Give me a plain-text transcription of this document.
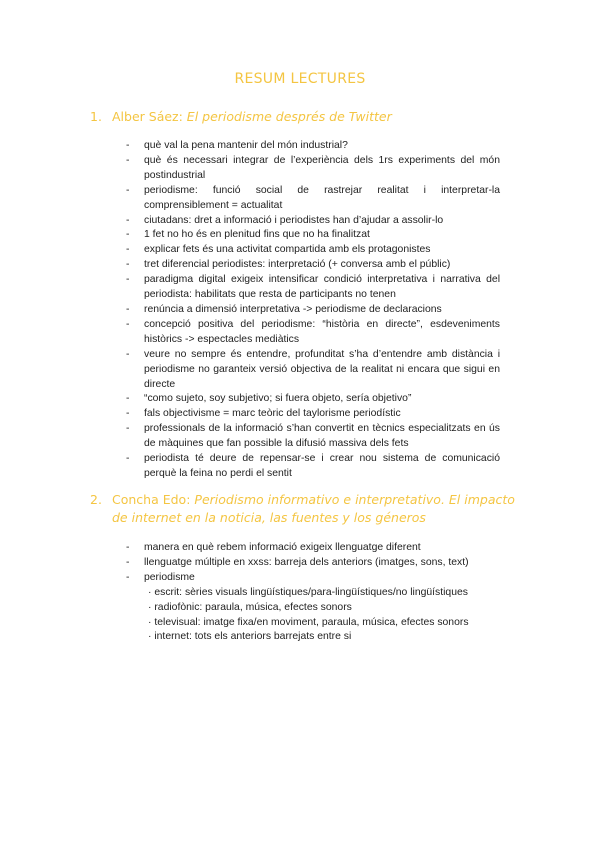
RESUM LECTURES
1. Alber Sáez: El periodisme després de Twitter
- què val la pena mantenir del món industrial?
- què és necessari integrar de l’experiència dels 1rs experiments del món postindustrial
- periodisme: funció social de rastrejar realitat i interpretar-la comprensiblement = actualitat
- ciutadans: dret a informació i periodistes han d’ajudar a assolir-lo
- 1 fet no ho és en plenitud fins que no ha finalitzat
- explicar fets és una activitat compartida amb els protagonistes
- tret diferencial periodistes: interpretació (+ conversa amb el públic)
- paradigma digital exigeix intensificar condició interpretativa i narrativa del periodista: habilitats que resta de participants no tenen
- renúncia a dimensió interpretativa -> periodisme de declaracions
- concepció positiva del periodisme: “història en directe”, esdeveniments històrics -> espectacles mediàtics
- veure no sempre és entendre, profunditat s’ha d’entendre amb distància i periodisme no garanteix versió objectiva de la realitat ni encara que sigui en directe
- “como sujeto, soy subjetivo; si fuera objeto, sería objetivo”
- fals objectivisme = marc teòric del taylorisme periodístic
- professionals de la informació s’han convertit en tècnics especialitzats en ús de màquines que fan possible la difusió massiva dels fets
- periodista té deure de repensar-se i crear nou sistema de comunicació perquè la feina no perdi el sentit
2. Concha Edo: Periodismo informativo e interpretativo. El impacto de internet en la noticia, las fuentes y los géneros
- manera en què rebem informació exigeix llenguatge diferent
- llenguatge múltiple en xxss: barreja dels anteriors (imatges, sons, text)
- periodisme
· escrit: sèries visuals lingüístiques/para-lingüístiques/no lingüístiques
· radiofònic: paraula, música, efectes sonors
· televisual: imatge fixa/en moviment, paraula, música, efectes sonors
· internet: tots els anteriors barrejats entre si
